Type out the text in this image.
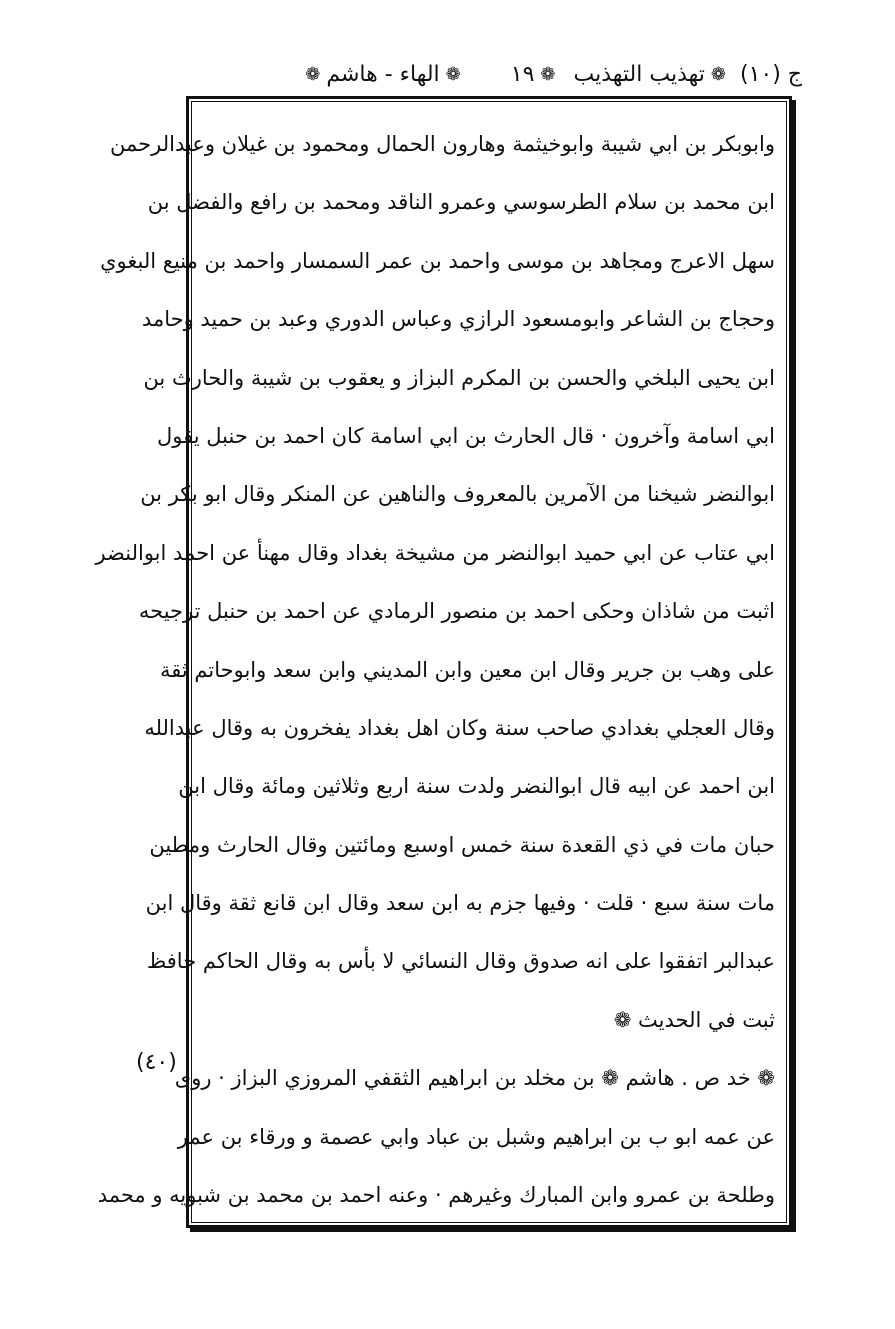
ج (١٠)
❁
تهذيب التهذيب
❁
١٩
❁
الهاء - هاشم
❁
وابوبكر بن ابي شيبة وابوخيثمة وهارون الحمال ومحمود بن غيلان وعبدالرحمن
ابن محمد بن سلام الطرسوسي وعمرو الناقد ومحمد بن رافع والفضل بن
سهل الاعرج ومجاهد بن موسى واحمد بن عمر السمسار واحمد بن منيع البغوي
وحجاج بن الشاعر وابومسعود الرازي وعباس الدوري وعبد بن حميد وحامد
ابن يحيى البلخي والحسن بن المكرم البزاز و يعقوب بن شيبة والحارث بن
ابي اسامة وآخرون · قال الحارث بن ابي اسامة كان احمد بن حنبل يقول
ابوالنضر شيخنا من الآمرين بالمعروف والناهين عن المنكر وقال ابو بكر بن
ابي عتاب عن ابي حميد ابوالنضر من مشيخة بغداد وقال مهنأ عن احمد ابوالنضر
اثبت من شاذان وحكى احمد بن منصور الرمادي عن احمد بن حنبل ترجيحه
على وهب بن جرير وقال ابن معين وابن المديني وابن سعد وابوحاتم ثقة
وقال العجلي بغدادي صاحب سنة وكان اهل بغداد يفخرون به وقال عبدالله
ابن احمد عن ابيه قال ابوالنضر ولدت سنة اربع وثلاثين ومائة وقال ابن
حبان مات في ذي القعدة سنة خمس اوسبع ومائتين وقال الحارث ومطين
مات سنة سبع · قلت · وفيها جزم به ابن سعد وقال ابن قانع ثقة وقال ابن
عبدالبر اتفقوا على انه صدوق وقال النسائي لا بأس به وقال الحاكم حافظ
ثبت في الحديث ❁
❁ خد ص . هاشم ❁ بن مخلد بن ابراهيم الثقفي المروزي البزاز · روى
عن عمه ابو ب بن ابراهيم وشبل بن عباد وابي عصمة و ورقاء بن عمر
وطلحة بن عمرو وابن المبارك وغيرهم · وعنه احمد بن محمد بن شبويه و محمد
(٤٠)
